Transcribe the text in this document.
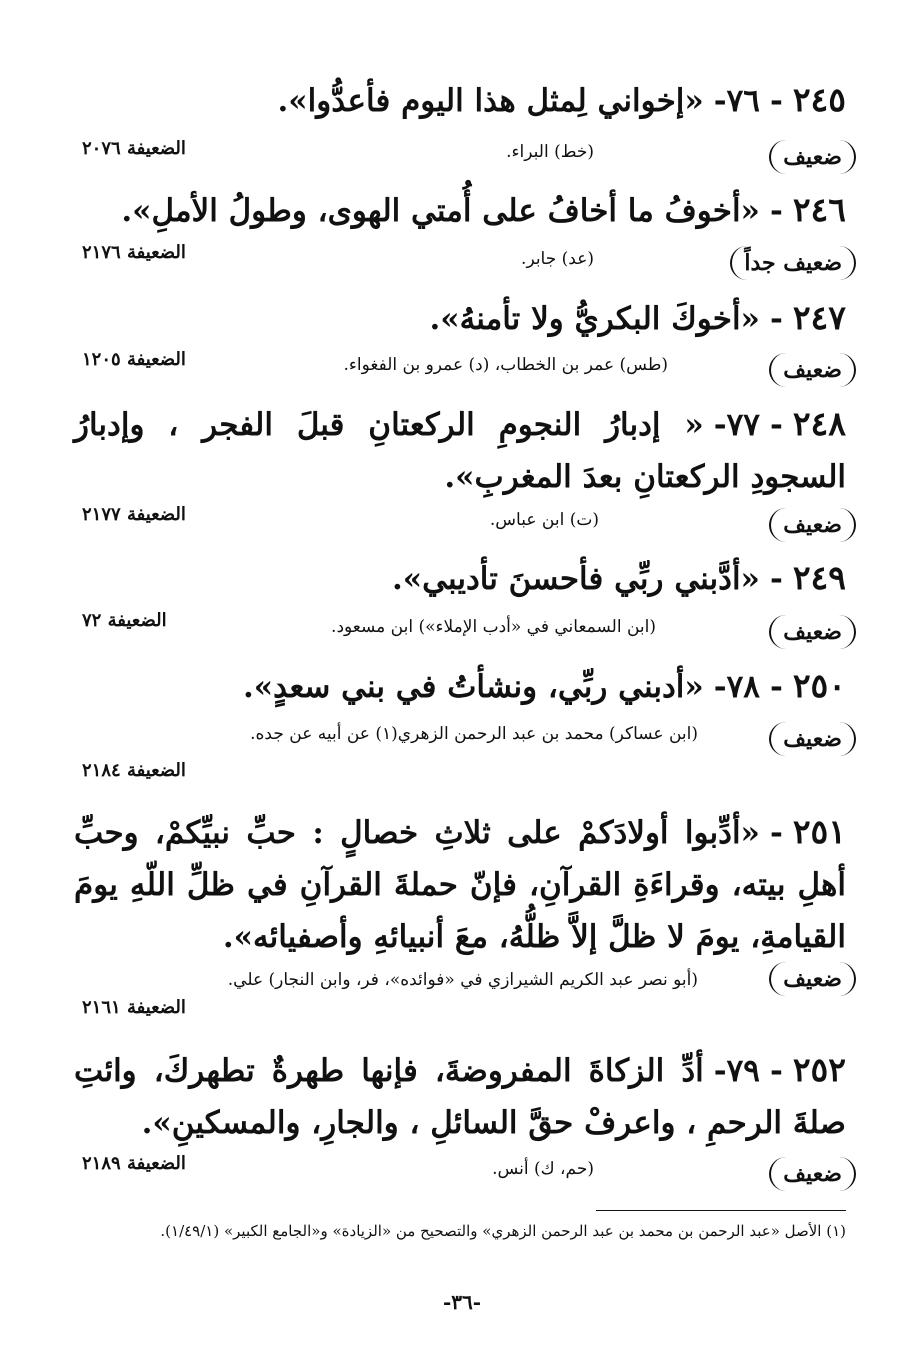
٢٤٥-٧٦-«إخواني لِمثل هذا اليوم فأعدُّوا».
ضعيف
(خط) البراء.
الضعيفة ٢٠٧٦
٢٤٦-«أخوفُ ما أخافُ على أُمتي الهوى، وطولُ الأملِ».
ضعيف جداً
(عد) جابر.
الضعيفة ٢١٧٦
٢٤٧-«أخوكَ البكريُّ ولا تأمنهُ».
ضعيف
(طس) عمر بن الخطاب، (د) عمرو بن الفغواء.
الضعيفة ١٢٠٥
٢٤٨-٧٧-« إدبارُ النجومِ الركعتانِ قبلَ الفجر ، وإدبارُ السجودِ الركعتانِ بعدَ المغربِ».
ضعيف
(ت) ابن عباس.
الضعيفة ٢١٧٧
٢٤٩-«أدَّبني ربِّي فأحسنَ تأديبي».
ضعيف
(ابن السمعاني في «أدب الإملاء») ابن مسعود.
الضعيفة ٧٢
٢٥٠-٧٨-«أدبني ربِّي، ونشأتُ في بني سعدٍ».
ضعيف
(ابن عساكر) محمد بن عبد الرحمن الزهري(١) عن أبيه عن جده.
الضعيفة ٢١٨٤
٢٥١-«أدِّبوا أولادَكمْ على ثلاثِ خصالٍ : حبِّ نبيِّكمْ، وحبِّ أهلِ بيته، وقراءَةِ القرآنِ، فإنّ حملةَ القرآنِ في ظلِّ اللّهِ يومَ القيامةِ، يومَ لا ظلَّ إلاَّ ظلُّهُ، معَ أنبيائهِ وأصفيائه».
ضعيف
(أبو نصر عبد الكريم الشيرازي في «فوائده»، فر، وابن النجار) علي.
الضعيفة ٢١٦١
٢٥٢-٧٩-أدِّ الزكاةَ المفروضةَ، فإنها طهرةٌ تطهركَ، وائتِ صلةَ الرحمِ ، واعرفْ حقَّ السائلِ ، والجارِ، والمسكينِ».
ضعيف
(حم، ك) أنس.
الضعيفة ٢١٨٩
(١) الأصل «عبد الرحمن بن محمد بن عبد الرحمن الزهري» والتصحيح من «الزيادة» و«الجامع الكبير» (١/٤٩/١).
-٣٦-
